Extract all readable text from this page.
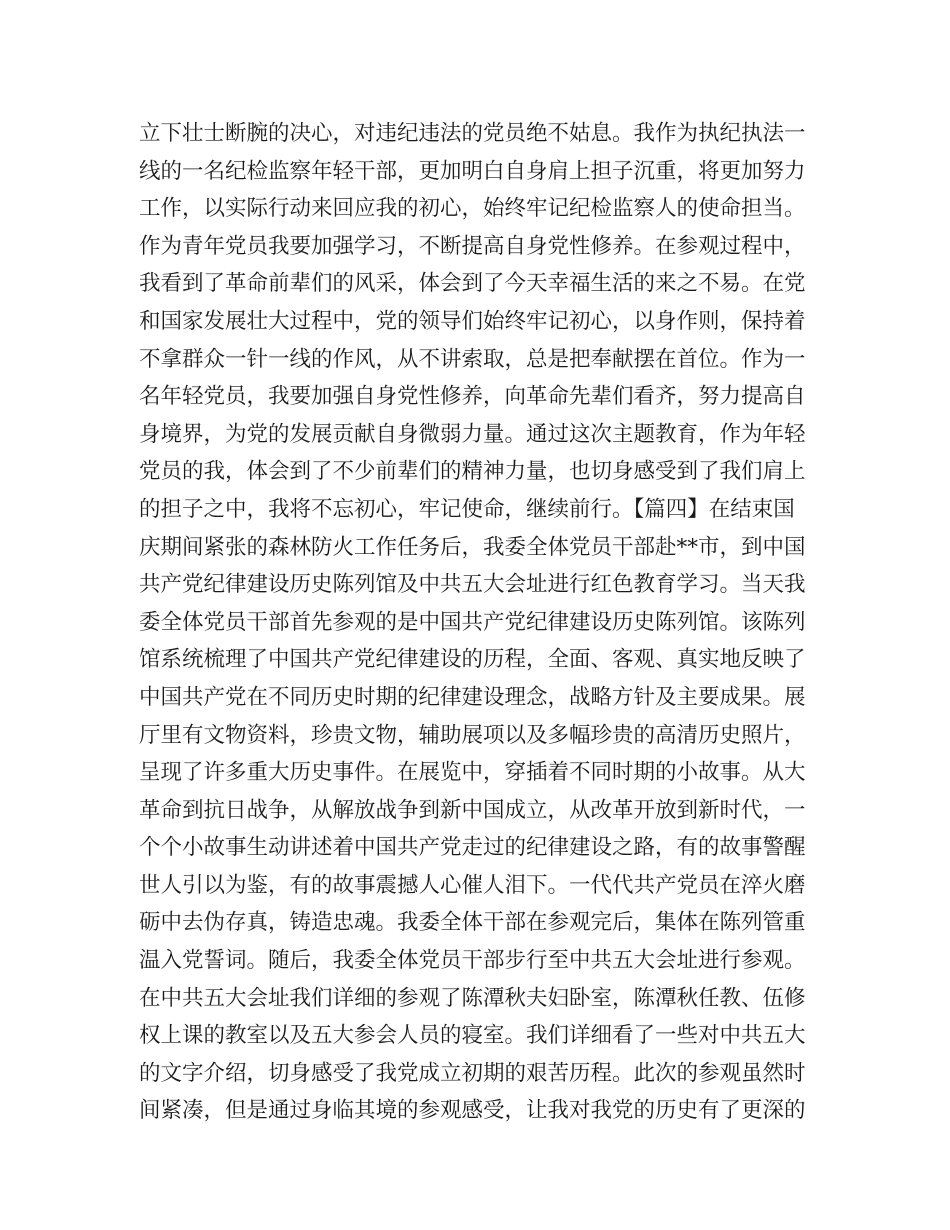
立下壮士断腕的决心，对违纪违法的党员绝不姑息。我作为执纪执法一
线的一名纪检监察年轻干部，更加明白自身肩上担子沉重，将更加努力
工作，以实际行动来回应我的初心，始终牢记纪检监察人的使命担当。
作为青年党员我要加强学习，不断提高自身党性修养。在参观过程中，
我看到了革命前辈们的风采，体会到了今天幸福生活的来之不易。在党
和国家发展壮大过程中，党的领导们始终牢记初心，以身作则，保持着
不拿群众一针一线的作风，从不讲索取，总是把奉献摆在首位。作为一
名年轻党员，我要加强自身党性修养，向革命先辈们看齐，努力提高自
身境界，为党的发展贡献自身微弱力量。通过这次主题教育，作为年轻
党员的我，体会到了不少前辈们的精神力量，也切身感受到了我们肩上
的担子之中，我将不忘初心，牢记使命，继续前行。【篇四】在结束国
庆期间紧张的森林防火工作任务后，我委全体党员干部赴**市，到中国
共产党纪律建设历史陈列馆及中共五大会址进行红色教育学习。当天我
委全体党员干部首先参观的是中国共产党纪律建设历史陈列馆。该陈列
馆系统梳理了中国共产党纪律建设的历程，全面、客观、真实地反映了
中国共产党在不同历史时期的纪律建设理念，战略方针及主要成果。展
厅里有文物资料，珍贵文物，辅助展项以及多幅珍贵的高清历史照片，
呈现了许多重大历史事件。在展览中，穿插着不同时期的小故事。从大
革命到抗日战争，从解放战争到新中国成立，从改革开放到新时代，一
个个小故事生动讲述着中国共产党走过的纪律建设之路，有的故事警醒
世人引以为鉴，有的故事震撼人心催人泪下。一代代共产党员在淬火磨
砺中去伪存真，铸造忠魂。我委全体干部在参观完后，集体在陈列管重
温入党誓词。随后，我委全体党员干部步行至中共五大会址进行参观。
在中共五大会址我们详细的参观了陈潭秋夫妇卧室，陈潭秋任教、伍修
权上课的教室以及五大参会人员的寝室。我们详细看了一些对中共五大
的文字介绍，切身感受了我党成立初期的艰苦历程。此次的参观虽然时
间紧凑，但是通过身临其境的参观感受，让我对我党的历史有了更深的
